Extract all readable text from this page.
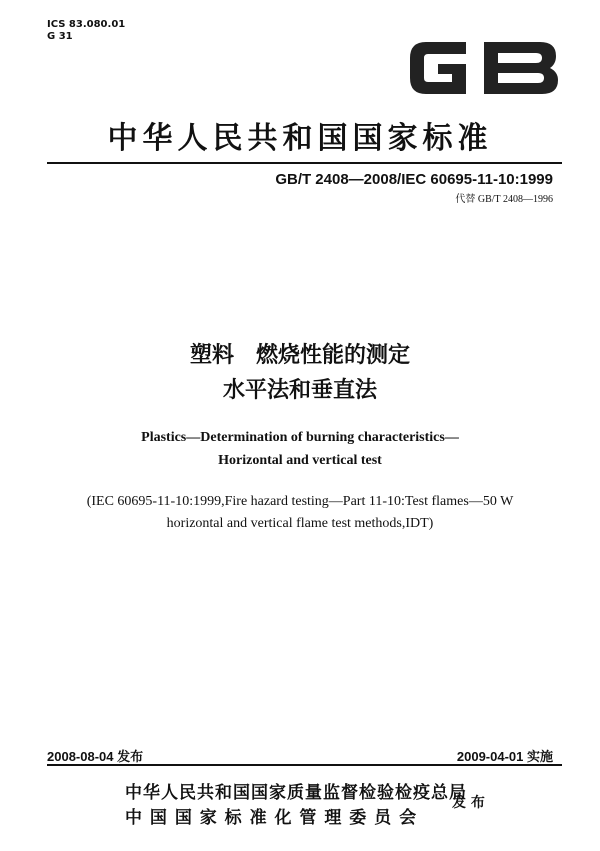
ICS 83.080.01
G 31
中华人民共和国国家标准
GB/T 2408—2008/IEC 60695-11-10:1999
代替 GB/T 2408—1996
塑料　燃烧性能的测定
水平法和垂直法
Plastics—Determination of burning characteristics—
Horizontal and vertical test
(IEC 60695-11-10:1999,Fire hazard testing—Part 11-10:Test flames—50 W
horizontal and vertical flame test methods,IDT)
2008-08-04 发布	2009-04-01 实施
中华人民共和国国家质量监督检验检疫总局
中 国 国 家 标 准 化 管 理 委 员 会
发 布
